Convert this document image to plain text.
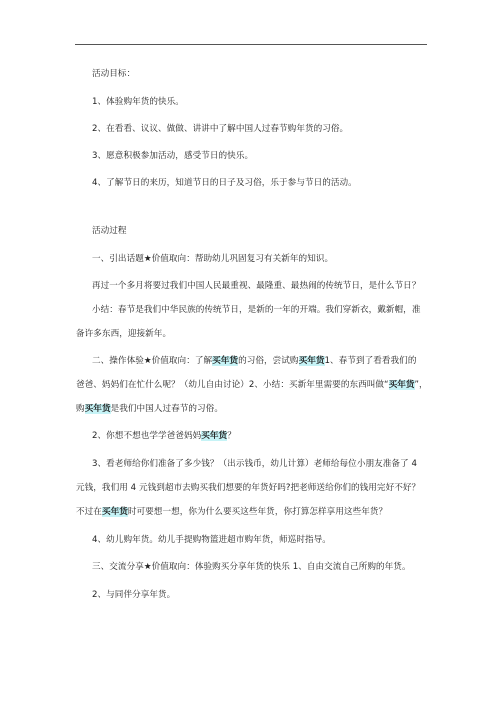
活动目标：
1、体验购年货的快乐。
2、在看看、议议、做做、讲讲中了解中国人过春节购年货的习俗。
3、愿意积极参加活动，感受节日的快乐。
4、了解节日的来历，知道节日的日子及习俗，乐于参与节日的活动。
活动过程
一、引出话题★价值取向：帮助幼儿巩固复习有关新年的知识。
再过一个多月将要过我们中国人民最重视、最隆重、最热闹的传统节日，是什么节日？
小结：春节是我们中华民族的传统节日，是新的一年的开端。我们穿新衣，戴新帽，准
备许多东西，迎接新年。
二、操作体验★价值取向：了解买年货的习俗，尝试购买年货1、春节到了看看我们的
爸爸、妈妈们在忙什么呢？（幼儿自由讨论）2、小结：买新年里需要的东西叫做“买年货”，
购买年货是我们中国人过春节的习俗。
2、你想不想也学学爸爸妈妈买年货？
3、看老师给你们准备了多少钱？（出示钱币，幼儿计算）老师给每位小朋友准备了 4
元钱，我们用 4 元钱到超市去购买我们想要的年货好吗?把老师送给你们的钱用完好不好？
不过在买年货时可要想一想，你为什么要买这些年货，你打算怎样享用这些年货？
4、幼儿购年货。幼儿手提购物篮进超市购年货，师巡时指导。
三、交流分享★价值取向：体验购买分享年货的快乐 1、自由交流自己所购的年货。
2、与同伴分享年货。
